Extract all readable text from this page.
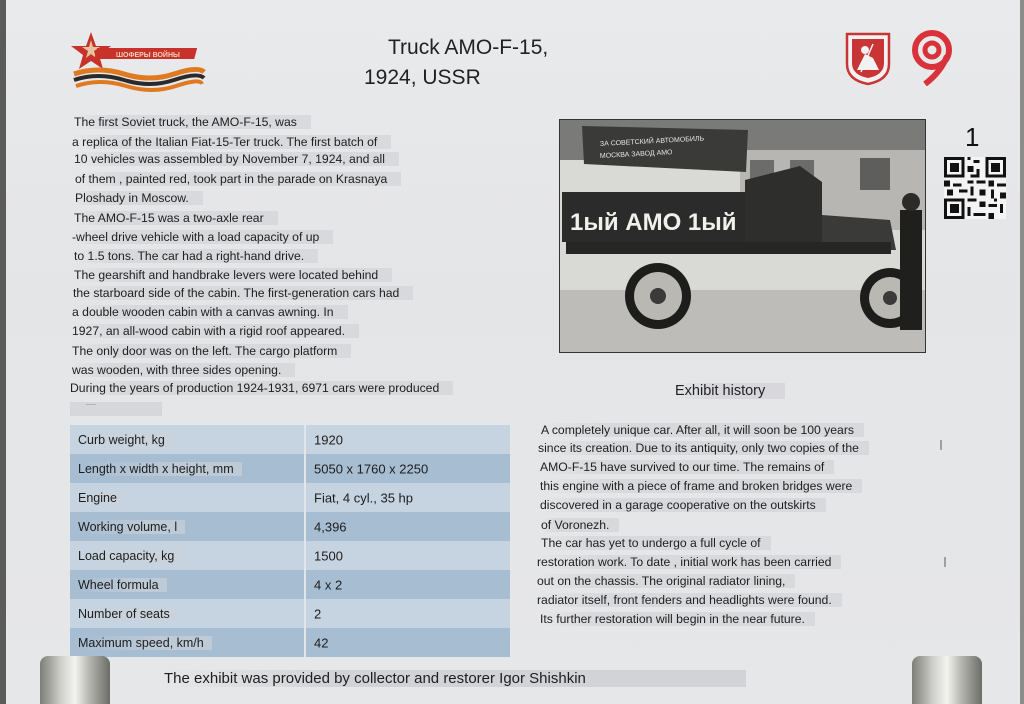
ШОФЕРЫ ВОЙНЫ	Truck AMO-F-15,
1924, USSR
The first Soviet truck, the AMO-F-15, was
a replica of the Italian Fiat-15-Ter truck. The first batch of
10 vehicles was assembled by November 7, 1924, and all
of them , painted red, took part in the parade on Krasnaya
Ploshady in Moscow.
The AMO-F-15 was a two-axle rear
-wheel drive vehicle with a load capacity of up
to 1.5 tons. The car had a right-hand drive.
The gearshift and handbrake levers were located behind
the starboard side of the cabin. The first-generation cars had
a double wooden cabin with a canvas awning. In
1927, an all-wood cabin with a rigid roof appeared.
The only door was on the left. The cargo platform
was wooden, with three sides opening.
During the years of production 1924-1931, 6971 cars were produced
ЗА СОВЕТСКИЙ АВТОМОБИЛЬ
МОСКВА ЗАВОД АМО
1ый АМО 1ый
1
Exhibit history
A completely unique car. After all, it will soon be 100 years
since its creation. Due to its antiquity, only two copies of the
AMO-F-15 have survived to our time. The remains of
this engine with a piece of frame and broken bridges were
discovered in a garage cooperative on the outskirts
of Voronezh.
The car has yet to undergo a full cycle of
restoration work. To date , initial work has been carried
out on the chassis. The original radiator lining,
radiator itself, front fenders and headlights were found.
Its further restoration will begin in the near future.
Curb weight, kg	1920
Length x width x height, mm	5050 x 1760 x 2250
Engine	Fiat, 4 cyl., 35 hp
Working volume, l	4,396
Load capacity, kg	1500
Wheel formula	4 x 2
Number of seats	2
Maximum speed, km/h	42
The exhibit was provided by collector and restorer Igor Shishkin
